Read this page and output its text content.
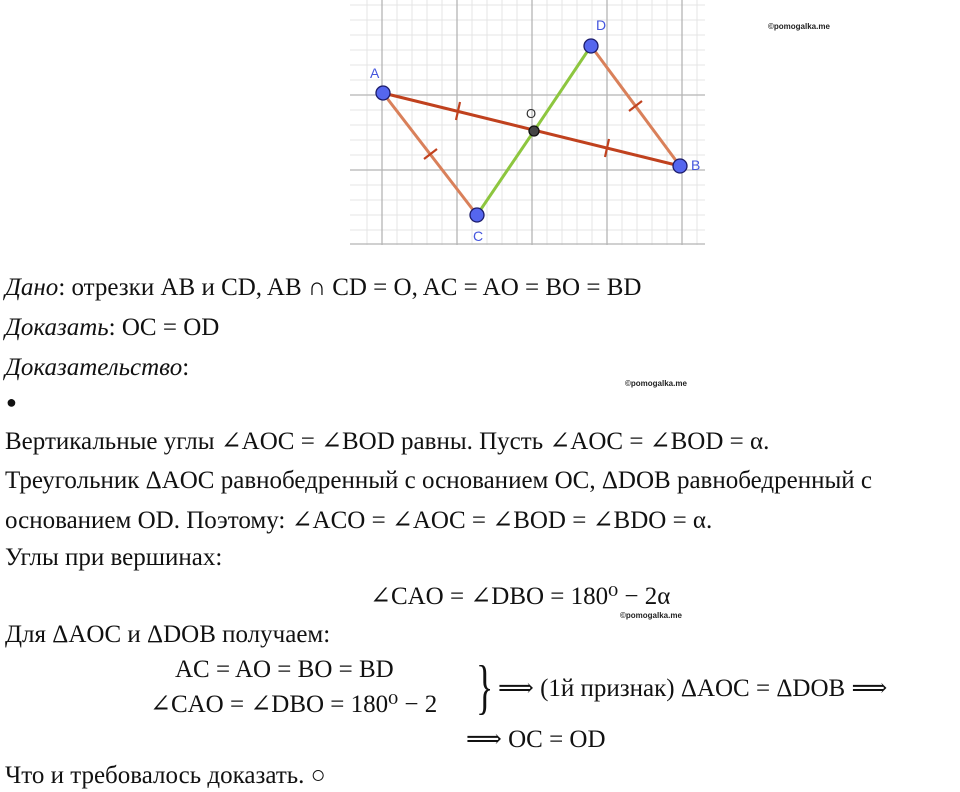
A
B
C
D
O
©pomogalka.me
Дано: отрезки AB и CD, AB ∩ CD = O, AC = AO = BO = BD
Доказать: OC = OD
Доказательство:
©pomogalka.me
●
Вертикальные углы ∠AOC = ∠BOD равны. Пусть ∠AOC = ∠BOD = α.
Треугольник ΔAOC равнобедренный с основанием OC, ΔDOB равнобедренный с
основанием OD. Поэтому: ∠ACO = ∠AOC = ∠BOD = ∠BDO = α.
Углы при вершинах:
∠CAO = ∠DBO = 180⁰ − 2α
©pomogalka.me
Для ΔAOC и ΔDOB получаем:
AC = AO = BO = BD
∠CAO = ∠DBO = 180⁰ − 2 } ⟹ (1й признак) ΔAOC = ΔDOB ⟹
⟹ OC = OD
Что и требовалось доказать. ○
